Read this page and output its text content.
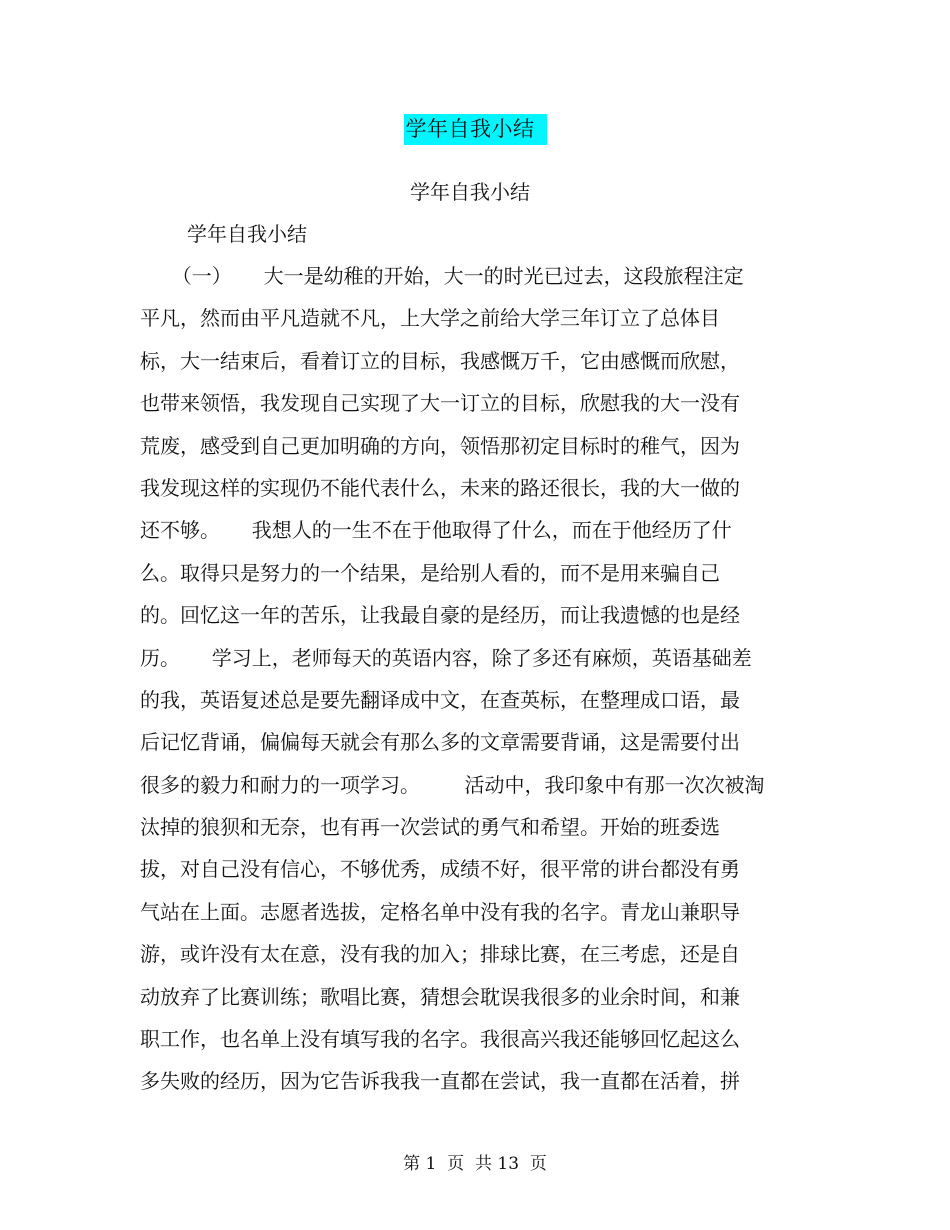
学年自我小结
学年自我小结
学年自我小结
（一）     大一是幼稚的开始，大一的时光已过去，这段旅程注定
平凡，然而由平凡造就不凡，上大学之前给大学三年订立了总体目
标，大一结束后，看着订立的目标，我感慨万千，它由感慨而欣慰，
也带来领悟，我发现自己实现了大一订立的目标，欣慰我的大一没有
荒废，感受到自己更加明确的方向，领悟那初定目标时的稚气，因为
我发现这样的实现仍不能代表什么，未来的路还很长，我的大一做的
还不够。     我想人的一生不在于他取得了什么，而在于他经历了什
么。取得只是努力的一个结果，是给别人看的，而不是用来骗自己
的。回忆这一年的苦乐，让我最自豪的是经历，而让我遗憾的也是经
历。     学习上，老师每天的英语内容，除了多还有麻烦，英语基础差
的我，英语复述总是要先翻译成中文，在查英标，在整理成口语，最
后记忆背诵，偏偏每天就会有那么多的文章需要背诵，这是需要付出
很多的毅力和耐力的一项学习。       活动中，我印象中有那一次次被淘
汰掉的狼狈和无奈，也有再一次尝试的勇气和希望。开始的班委选
拔，对自己没有信心，不够优秀，成绩不好，很平常的讲台都没有勇
气站在上面。志愿者选拔，定格名单中没有我的名字。青龙山兼职导
游，或许没有太在意，没有我的加入；排球比赛，在三考虑，还是自
动放弃了比赛训练；歌唱比赛，猜想会耽误我很多的业余时间，和兼
职工作，也名单上没有填写我的名字。我很高兴我还能够回忆起这么
多失败的经历，因为它告诉我我一直都在尝试，我一直都在活着，拼
第 1  页  共 13  页
